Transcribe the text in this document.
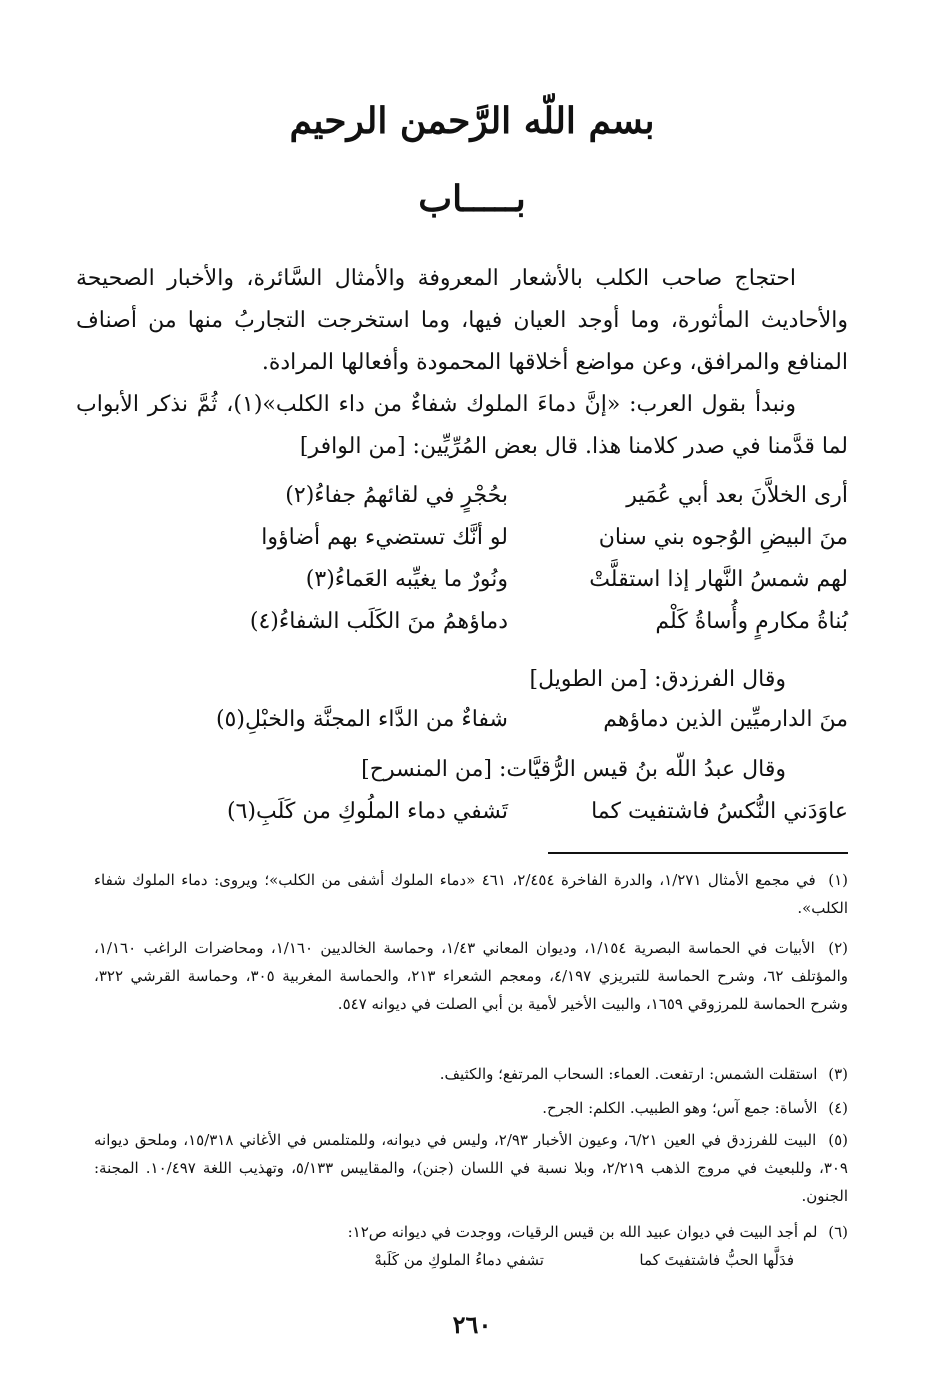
بسم اللّه الرَّحمن الرحيم
بـــــاب

احتجاج صاحب الكلب بالأشعار المعروفة والأمثال السَّائرة، والأخبار الصحيحة والأحاديث المأثورة، وما أوجد العيان فيها، وما استخرجت التجاربُ منها من أصناف المنافع والمرافق، وعن مواضع أخلاقها المحمودة وأفعالها المرادة.

ونبدأ بقول العرب: «إنَّ دماءَ الملوك شفاءٌ من داء الكلب»(١)، ثُمَّ نذكر الأبواب لما قدَّمنا في صدر كلامنا هذا. قال بعض المُرِّيِّين: [من الوافر]

أرى الخلاَّنَ بعد أبي عُمَير
بحُجْرٍ في لقائهمُ جفاءُ(٢)
منَ البيضِ الوُجوه بني سنان
لو أنَّك تستضيء بهم أضاؤوا
لهم شمسُ النَّهار إذا استقلَّتْ
ونُورٌ ما يغيِّبه العَماءُ(٣)
بُناةُ مكارمٍ وأُساةُ كَلْم
دماؤهمُ منَ الكَلَب الشفاءُ(٤)
وقال الفرزدق: [من الطويل]
منَ الدارميِّين الذين دماؤهم
شفاءٌ من الدَّاء المجنَّة والخبْلِ(٥)
وقال عبدُ اللّه بنُ قيس الرُّقيَّات: [من المنسرح]
عاوَدَني النُّكسُ فاشتفيت كما
تَشفي دماء الملُوكِ من كَلَبِ(٦)

(١) في مجمع الأمثال ١/٢٧١، والدرة الفاخرة ٢/٤٥٤، ٤٦١ «دماء الملوك أشفى من الكلب»؛ ويروى: دماء الملوك شفاء الكلب».

(٢) الأبيات في الحماسة البصرية ١/١٥٤، وديوان المعاني ١/٤٣، وحماسة الخالديين ١/١٦٠، ومحاضرات الراغب ١/١٦٠، والمؤتلف ٦٢، وشرح الحماسة للتبريزي ٤/١٩٧، ومعجم الشعراء ٢١٣، والحماسة المغربية ٣٠٥، وحماسة القرشي ٣٢٢، وشرح الحماسة للمرزوقي ١٦٥٩، والبيت الأخير لأمية بن أبي الصلت في ديوانه ٥٤٧.

(٣) استقلت الشمس: ارتفعت. العماء: السحاب المرتفع؛ والكثيف.

(٤) الأساة: جمع آس؛ وهو الطبيب. الكلم: الجرح.

(٥) البيت للفرزدق في العين ٦/٢١، وعيون الأخبار ٢/٩٣، وليس في ديوانه، وللمتلمس في الأغاني ١٥/٣١٨، وملحق ديوانه ٣٠٩، وللبعيث في مروج الذهب ٢/٢١٩، وبلا نسبة في اللسان (جنن)، والمقاييس ٥/١٣٣، وتهذيب اللغة ١٠/٤٩٧. المجنة: الجنون.

(٦) لم أجد البيت في ديوان عبيد الله بن قيس الرقيات، ووجدت في ديوانه ص١٢:

فدَلَّها الحبُّ فاشتفيتَ كما
تشفي دماءُ الملوكِ من كَلَبهْ
٢٦٠
